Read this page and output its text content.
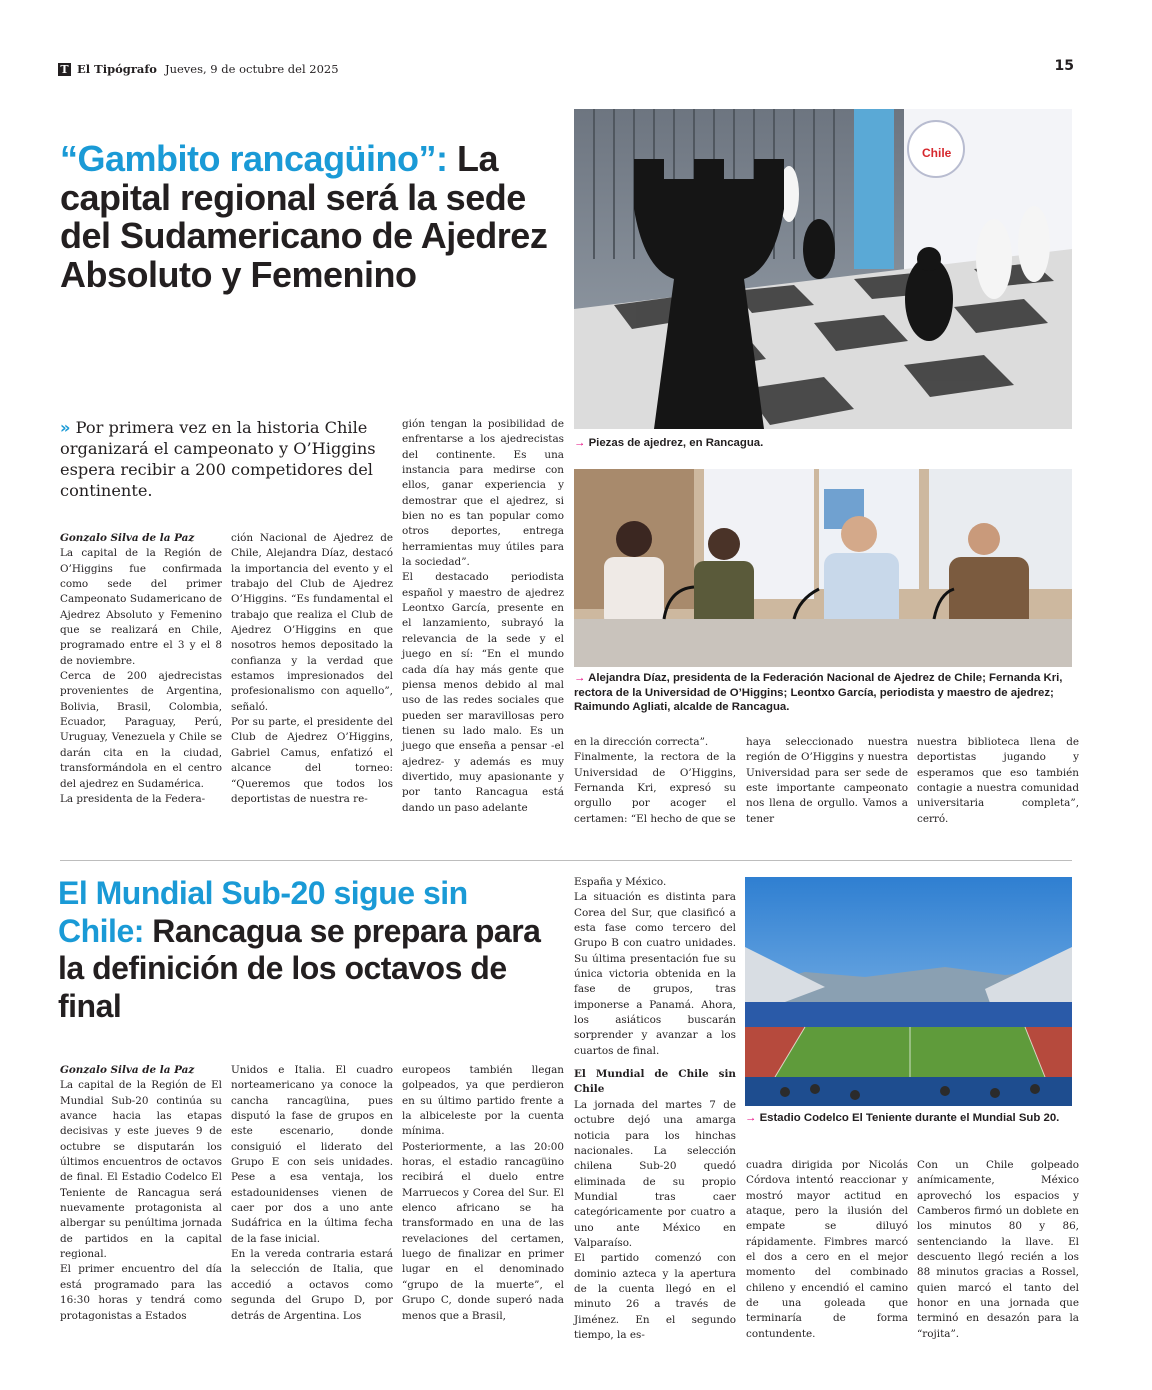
T El Tipógrafo Jueves, 9 de octubre del 2025	15
“Gambito rancagüino”: La capital regional será la sede del Sudamericano de Ajedrez Absoluto y Femenino
» Por primera vez en la historia Chile organizará el campeonato y O’Higgins espera recibir a 200 competidores del continente.

Gonzalo Silva de la Paz

La capital de la Región de O’Higgins fue confirmada como sede del primer Campeonato Sudamericano de Ajedrez Absoluto y Femenino que se realizará en Chile, programado entre el 3 y el 8 de noviembre.

Cerca de 200 ajedrecistas provenientes de Argentina, Bolivia, Brasil, Colombia, Ecuador, Paraguay, Perú, Uruguay, Venezuela y Chile se darán cita en la ciudad, transformándola en el centro del ajedrez en Sudamérica.

La presidenta de la Federa-

ción Nacional de Ajedrez de Chile, Alejandra Díaz, destacó la importancia del evento y el trabajo del Club de Ajedrez O’Higgins. “Es fundamental el trabajo que realiza el Club de Ajedrez O’Higgins en que nosotros hemos depositado la confianza y la verdad que estamos impresionados del profesionalismo con aquello”, señaló.

Por su parte, el presidente del Club de Ajedrez O’Higgins, Gabriel Camus, enfatizó el alcance del torneo: “Queremos que todos los deportistas de nuestra re-

gión tengan la posibilidad de enfrentarse a los ajedrecistas del continente. Es una instancia para medirse con ellos, ganar experiencia y demostrar que el ajedrez, si bien no es tan popular como otros deportes, entrega herramientas muy útiles para la sociedad”.

El destacado periodista español y maestro de ajedrez Leontxo García, presente en el lanzamiento, subrayó la relevancia de la sede y el juego en sí: “En el mundo cada día hay más gente que piensa menos debido al mal uso de las redes sociales que pueden ser maravillosas pero tienen su lado malo. Es un juego que enseña a pensar -el ajedrez- y además es muy divertido, muy apasionante y por tanto Rancagua está dando un paso adelante

en la dirección correcta”.

Finalmente, la rectora de la Universidad de O’Higgins, Fernanda Kri, expresó su orgullo por acoger el certamen: “El hecho de que se

haya seleccionado nuestra región de O’Higgins y nuestra Universidad para ser sede de este importante campeonato nos llena de orgullo. Vamos a tener

nuestra biblioteca llena de deportistas jugando y esperamos que eso también contagie a nuestra comunidad universitaria completa”, cerró.

Chile
→ Piezas de ajedrez, en Rancagua.
→ Alejandra Díaz, presidenta de la Federación Nacional de Ajedrez de Chile; Fernanda Kri, rectora de la Universidad de O’Higgins; Leontxo García, periodista y maestro de ajedrez; Raimundo Agliati, alcalde de Rancagua.
El Mundial Sub-20 sigue sin Chile: Rancagua se prepara para la definición de los octavos de final

Gonzalo Silva de la Paz

La capital de la Región de El Mundial Sub-20 continúa su avance hacia las etapas decisivas y este jueves 9 de octubre se disputarán los últimos encuentros de octavos de final. El Estadio Codelco El Teniente de Rancagua será nuevamente protagonista al albergar su penúltima jornada de partidos en la capital regional.

El primer encuentro del día está programado para las 16:30 horas y tendrá como protagonistas a Estados

Unidos e Italia. El cuadro norteamericano ya conoce la cancha rancagüina, pues disputó la fase de grupos en este escenario, donde consiguió el liderato del Grupo E con seis unidades. Pese a esa ventaja, los estadounidenses vienen de caer por dos a uno ante Sudáfrica en la última fecha de la fase inicial.

En la vereda contraria estará la selección de Italia, que accedió a octavos como segunda del Grupo D, por detrás de Argentina. Los

europeos también llegan golpeados, ya que perdieron en su último partido frente a la albiceleste por la cuenta mínima.

Posteriormente, a las 20:00 horas, el estadio rancagüino recibirá el duelo entre Marruecos y Corea del Sur. El elenco africano se ha transformado en una de las revelaciones del certamen, luego de finalizar en primer lugar en el denominado “grupo de la muerte”, el Grupo C, donde superó nada menos que a Brasil,

España y México.

La situación es distinta para Corea del Sur, que clasificó a esta fase como tercero del Grupo B con cuatro unidades. Su última presentación fue su única victoria obtenida en la fase de grupos, tras imponerse a Panamá. Ahora, los asiáticos buscarán sorprender y avanzar a los cuartos de final.

El Mundial de Chile sin Chile

La jornada del martes 7 de octubre dejó una amarga noticia para los hinchas nacionales. La selección chilena Sub-20 quedó eliminada de su propio Mundial tras caer categóricamente por cuatro a uno ante México en Valparaíso.

El partido comenzó con dominio azteca y la apertura de la cuenta llegó en el minuto 26 a través de Jiménez. En el segundo tiempo, la es-

cuadra dirigida por Nicolás Córdova intentó reaccionar y mostró mayor actitud en ataque, pero la ilusión del empate se diluyó rápidamente. Fimbres marcó el dos a cero en el mejor momento del combinado chileno y encendió el camino de una goleada que terminaría de forma contundente.

Con un Chile golpeado anímicamente, México aprovechó los espacios y Camberos firmó un doblete en los minutos 80 y 86, sentenciando la llave. El descuento llegó recién a los 88 minutos gracias a Rossel, quien marcó el tanto del honor en una jornada que terminó en desazón para la “rojita”.

→ Estadio Codelco El Teniente durante el Mundial Sub 20.
